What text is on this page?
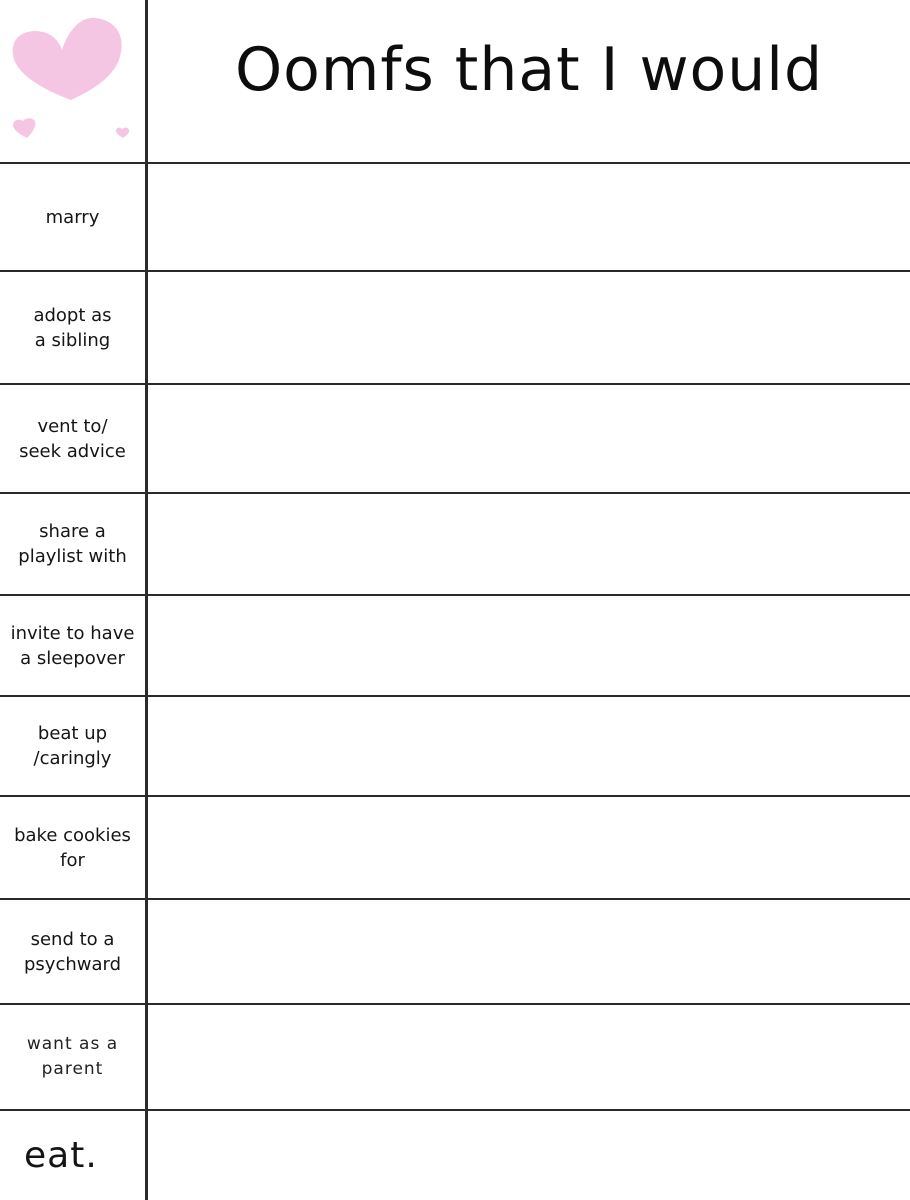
Oomfs that I would
marry
adopt as
a sibling
vent to/
seek advice
share a
playlist with
invite to have
a sleepover
beat up
/caringly
bake cookies
for
send to a
psychward
want as a
parent
eat.
